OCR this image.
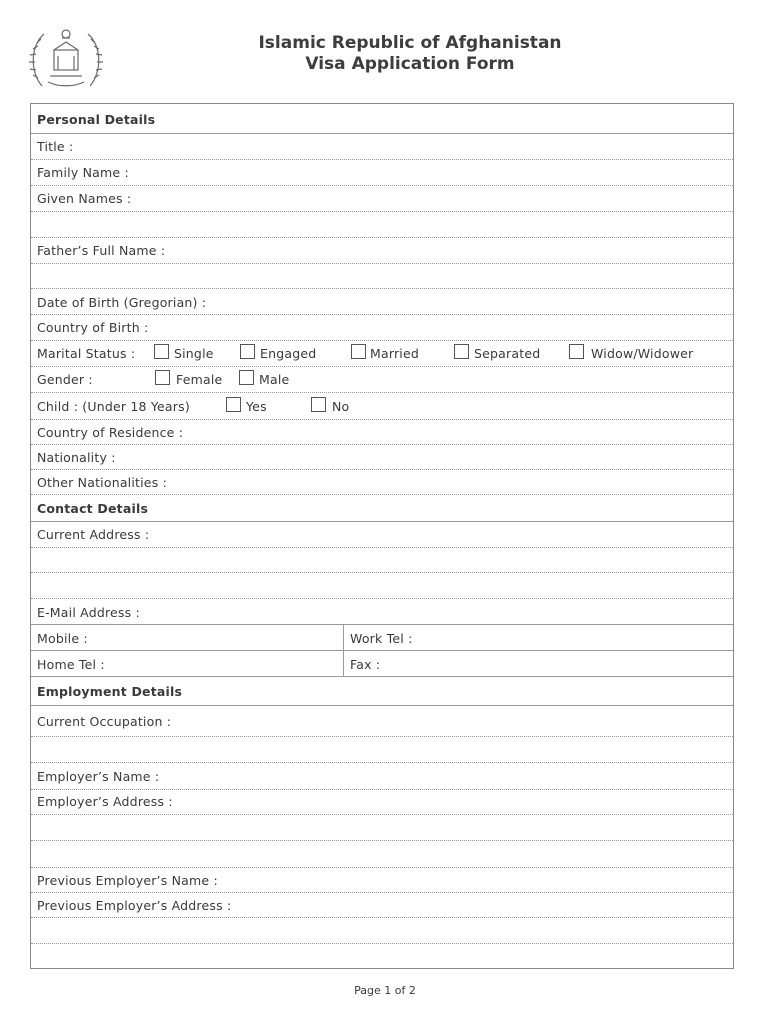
Islamic Republic of Afghanistan
Visa Application Form
Personal Details
Title :
Family Name :
Given Names :
Father’s Full Name :
Date of Birth (Gregorian) :
Country of Birth :
Marital Status :	Single	Engaged	Married	Separated	Widow/Widower
Gender :	Female	Male
Child : (Under 18 Years)	Yes	No
Country of Residence :
Nationality :
Other Nationalities :
Contact Details
Current Address :
E-Mail Address :
Mobile :	Work Tel :
Home Tel :	Fax :
Employment Details
Current Occupation :
Employer’s Name :
Employer’s Address :
Previous Employer’s Name :
Previous Employer’s Address :
Page 1 of 2
